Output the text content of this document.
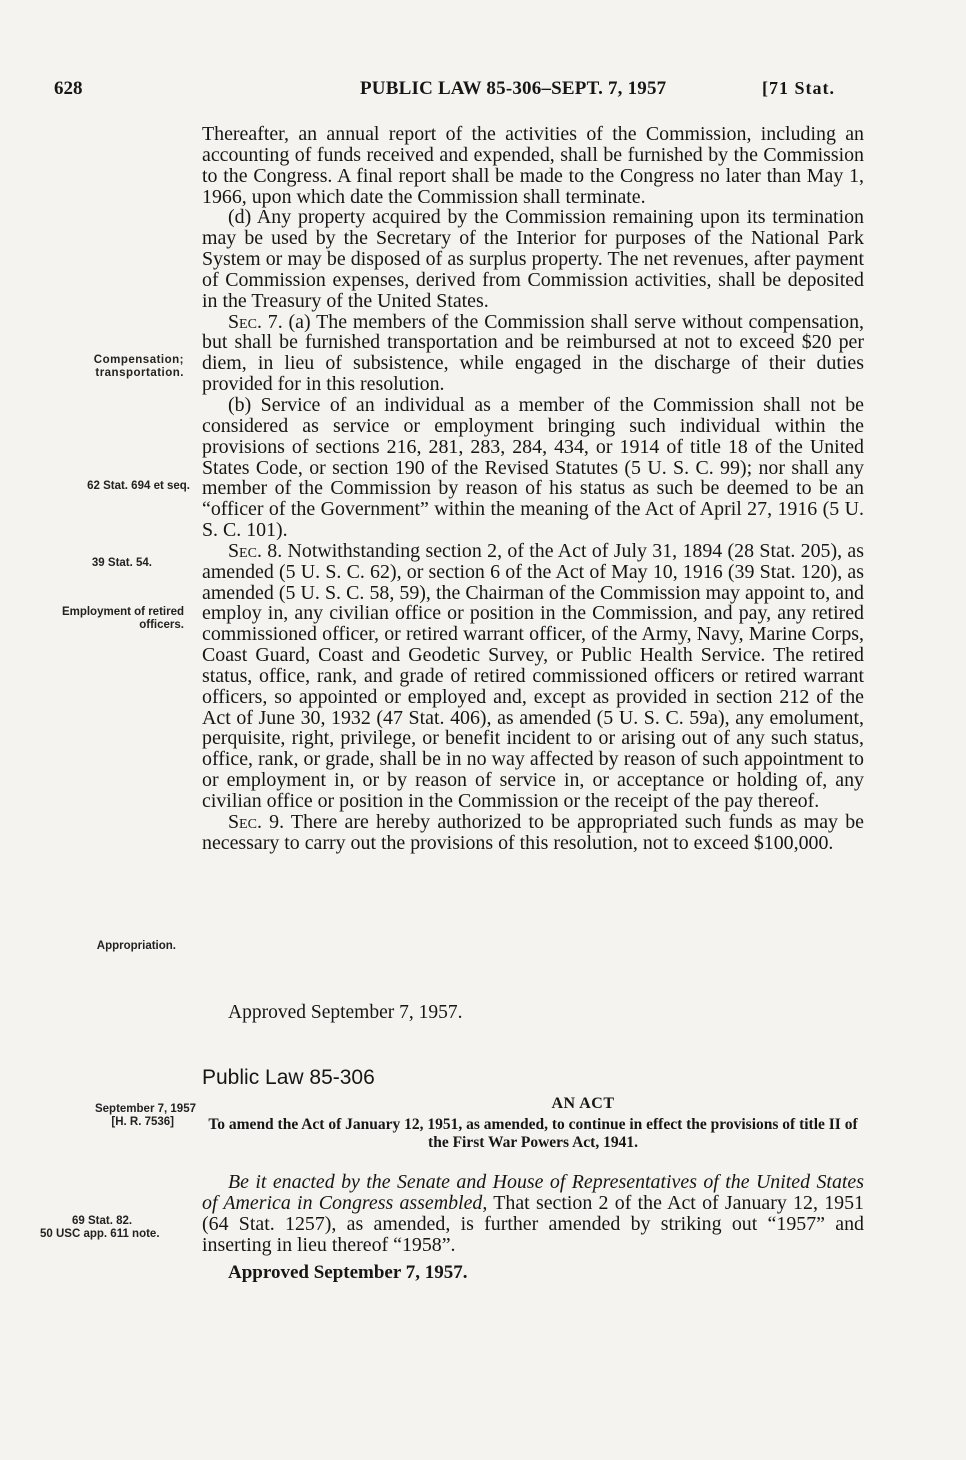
628	PUBLIC LAW 85-306–SEPT. 7, 1957	[71 Stat.

Thereafter, an annual report of the activities of the Commission, including an accounting of funds received and expended, shall be furnished by the Commission to the Congress. A final report shall be made to the Congress no later than May 1, 1966, upon which date the Commission shall terminate.

(d) Any property acquired by the Commission remaining upon its termination may be used by the Secretary of the Interior for purposes of the National Park System or may be disposed of as surplus property. The net revenues, after payment of Commission expenses, derived from Commission activities, shall be deposited in the Treasury of the United States.

Sec. 7. (a) The members of the Commission shall serve without compensation, but shall be furnished transportation and be reimbursed at not to exceed $20 per diem, in lieu of subsistence, while engaged in the discharge of their duties provided for in this resolution.

(b) Service of an individual as a member of the Commission shall not be considered as service or employment bringing such individual within the provisions of sections 216, 281, 283, 284, 434, or 1914 of title 18 of the United States Code, or section 190 of the Revised Statutes (5 U. S. C. 99); nor shall any member of the Commission by reason of his status as such be deemed to be an “officer of the Government” within the meaning of the Act of April 27, 1916 (5 U. S. C. 101).

Sec. 8. Notwithstanding section 2, of the Act of July 31, 1894 (28 Stat. 205), as amended (5 U. S. C. 62), or section 6 of the Act of May 10, 1916 (39 Stat. 120), as amended (5 U. S. C. 58, 59), the Chairman of the Commission may appoint to, and employ in, any civilian office or position in the Commission, and pay, any retired commissioned officer, or retired warrant officer, of the Army, Navy, Marine Corps, Coast Guard, Coast and Geodetic Survey, or Public Health Service. The retired status, office, rank, and grade of retired commissioned officers or retired warrant officers, so appointed or employed and, except as provided in section 212 of the Act of June 30, 1932 (47 Stat. 406), as amended (5 U. S. C. 59a), any emolument, perquisite, right, privilege, or benefit incident to or arising out of any such status, office, rank, or grade, shall be in no way affected by reason of such appointment to or employment in, or by reason of service in, or acceptance or holding of, any civilian office or position in the Commission or the receipt of the pay thereof.

Sec. 9. There are hereby authorized to be appropriated such funds as may be necessary to carry out the provisions of this resolution, not to exceed $100,000.

Approved September 7, 1957.
Public Law 85-306
AN ACT
To amend the Act of January 12, 1951, as amended, to continue in effect the provisions of title II of the First War Powers Act, 1941.

Be it enacted by the Senate and House of Representatives of the United States of America in Congress assembled, That section 2 of the Act of January 12, 1951 (64 Stat. 1257), as amended, is further amended by striking out “1957” and inserting in lieu thereof “1958”.

Approved September 7, 1957.
Compensation; transportation.
62 Stat. 694 et seq.
39 Stat. 54.
Employment of retired officers.
Appropriation.
September 7, 1957
[H. R. 7536]
69 Stat. 82.
50 USC app. 611 note.
